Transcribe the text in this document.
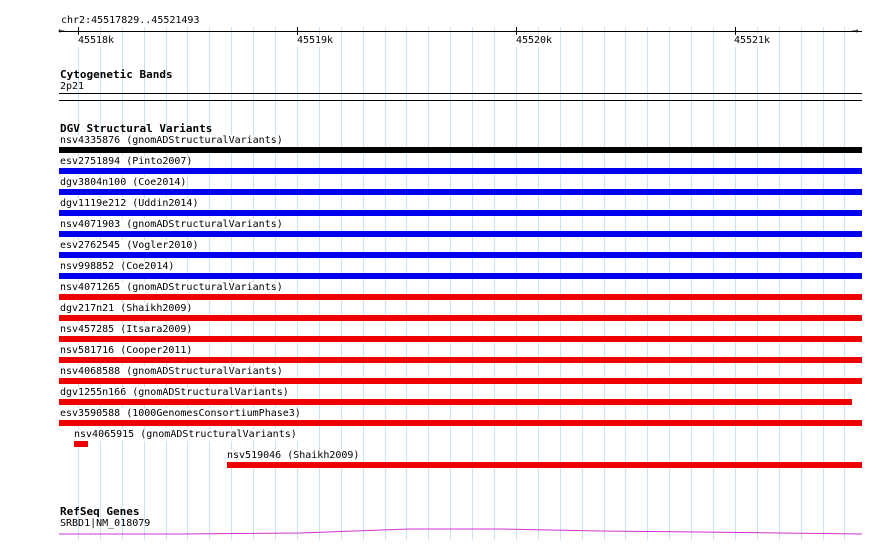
chr2:45517829..45521493
←	→
45518k	45519k	45520k	45521k
Cytogenetic Bands
2p21
DGV Structural Variants
nsv4335876 (gnomADStructuralVariants)
esv2751894 (Pinto2007)
dgv3804n100 (Coe2014)
dgv1119e212 (Uddin2014)
nsv4071903 (gnomADStructuralVariants)
esv2762545 (Vogler2010)
nsv998852 (Coe2014)
nsv4071265 (gnomADStructuralVariants)
dgv217n21 (Shaikh2009)
nsv457285 (Itsara2009)
nsv581716 (Cooper2011)
nsv4068588 (gnomADStructuralVariants)
dgv1255n166 (gnomADStructuralVariants)
esv3590588 (1000GenomesConsortiumPhase3)
nsv4065915 (gnomADStructuralVariants)
nsv519046 (Shaikh2009)
RefSeq Genes
SRBD1|NM_018079
